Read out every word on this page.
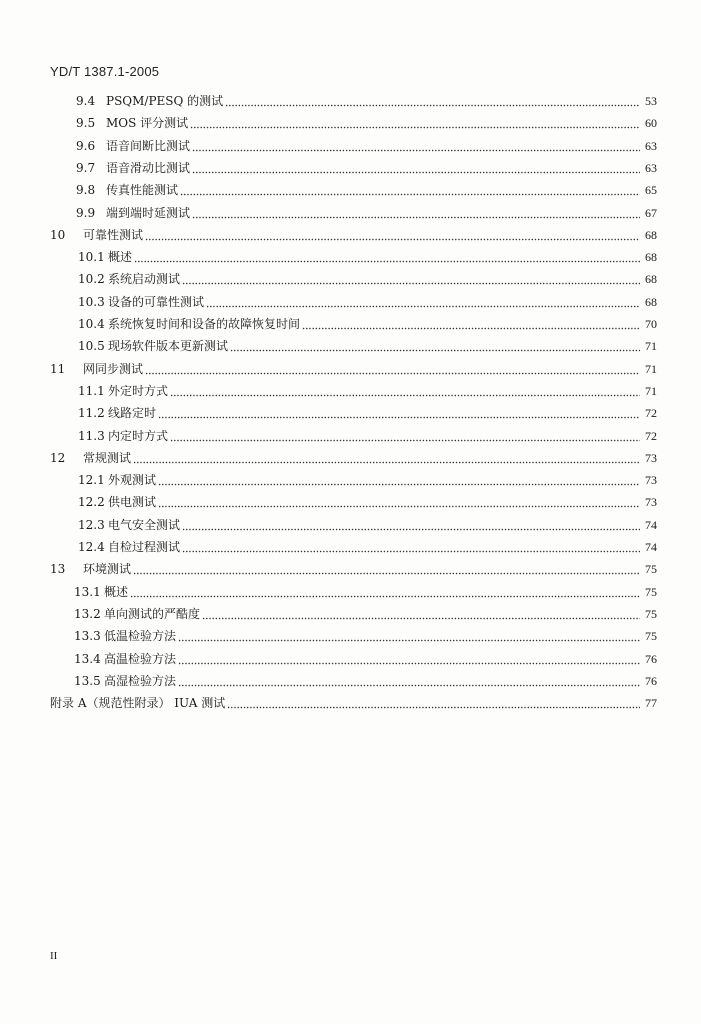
YD/T 1387.1-2005
9.4 PSQM/PESQ 的测试	53
9.5 MOS 评分测试	60
9.6 语音间断比测试	63
9.7 语音滑动比测试	63
9.8 传真性能测试	65
9.9 端到端时延测试	67
10	可靠性测试	68
10.1 概述	68
10.2 系统启动测试	68
10.3 设备的可靠性测试	68
10.4 系统恢复时间和设备的故障恢复时间	70
10.5 现场软件版本更新测试	71
11	网同步测试	71
11.1 外定时方式	71
11.2 线路定时	72
11.3 内定时方式	72
12	常规测试	73
12.1 外观测试	73
12.2 供电测试	73
12.3 电气安全测试	74
12.4 自检过程测试	74
13	环境测试	75
13.1 概述	75
13.2 单向测试的严酷度	75
13.3 低温检验方法	75
13.4 高温检验方法	76
13.5 高湿检验方法	76
附录 A（规范性附录） IUA 测试	77
II
